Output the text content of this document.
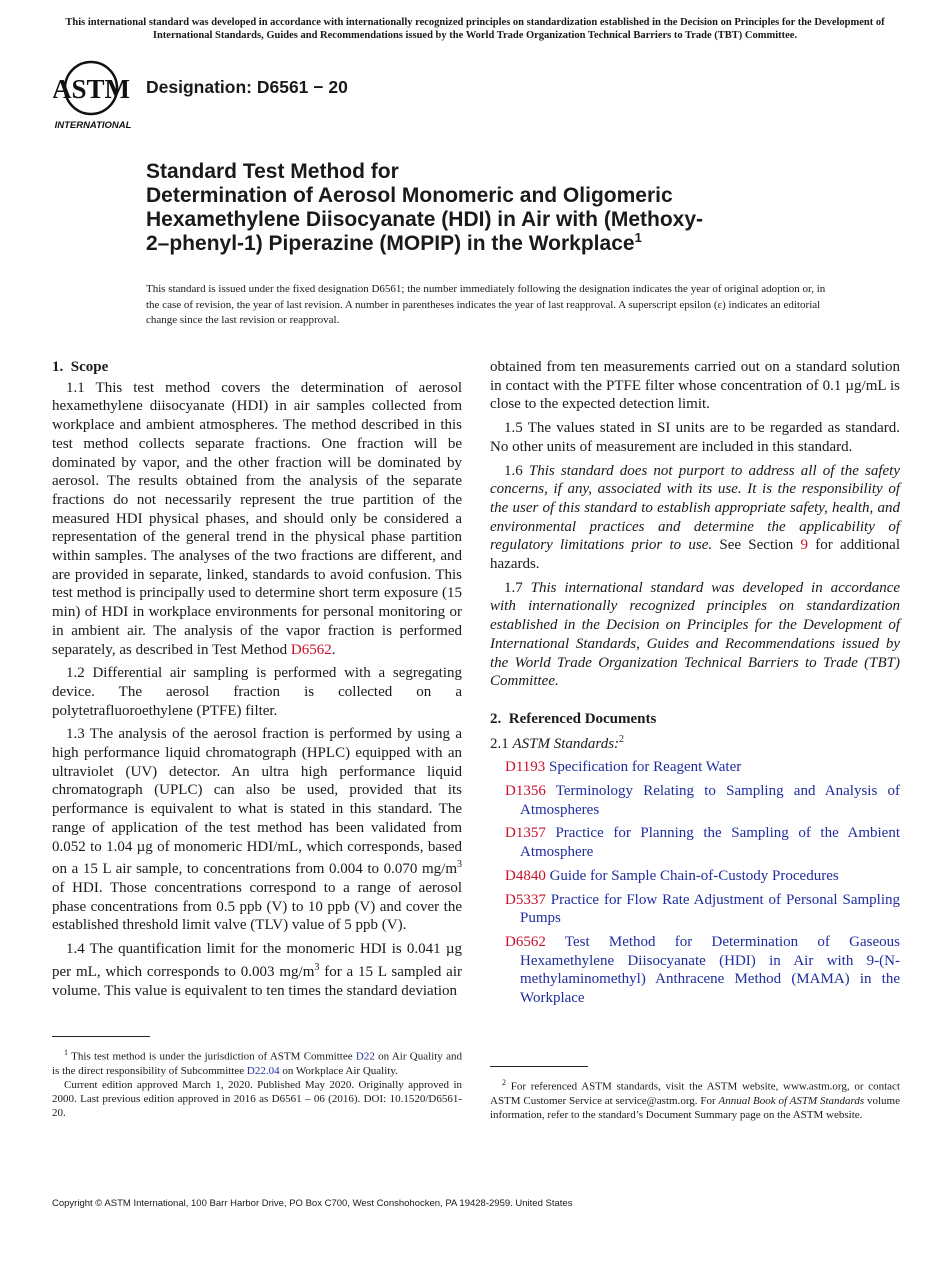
This international standard was developed in accordance with internationally recognized principles on standardization established in the Decision on Principles for the Development of International Standards, Guides and Recommendations issued by the World Trade Organization Technical Barriers to Trade (TBT) Committee.
ASTM
INTERNATIONAL
Designation: D6561 − 20
Standard Test Method for
Determination of Aerosol Monomeric and Oligomeric
Hexamethylene Diisocyanate (HDI) in Air with (Methoxy-
2–phenyl-1) Piperazine (MOPIP) in the Workplace$^1$

This standard is issued under the fixed designation D6561; the number immediately following the designation indicates the year of original adoption or, in the case of revision, the year of last revision. A number in parentheses indicates the year of last reapproval. A superscript epsilon (ε) indicates an editorial change since the last revision or reapproval.

1. Scope

1.1 This test method covers the determination of aerosol hexamethylene diisocyanate (HDI) in air samples collected from workplace and ambient atmospheres. The method described in this test method collects separate fractions. One fraction will be dominated by vapor, and the other fraction will be dominated by aerosol. The results obtained from the analysis of the separate fractions do not necessarily represent the true partition of the measured HDI physical phases, and should only be considered a representation of the general trend in the physical phase partition within samples. The analyses of the two fractions are different, and are provided in separate, linked, standards to avoid confusion. This test method is principally used to determine short term exposure (15 min) of HDI in workplace environments for personal monitoring or in ambient air. The analysis of the vapor fraction is performed separately, as described in Test Method D6562.

1.2 Differential air sampling is performed with a segregating device. The aerosol fraction is collected on a polytetrafluoroethylene (PTFE) filter.

1.3 The analysis of the aerosol fraction is performed by using a high performance liquid chromatograph (HPLC) equipped with an ultraviolet (UV) detector. An ultra high performance liquid chromatograph (UPLC) can also be used, provided that its performance is equivalent to what is stated in this standard. The range of application of the test method has been validated from 0.052 to 1.04 µg of monomeric HDI/mL, which corresponds, based on a 15 L air sample, to concentrations from 0.004 to 0.070 $mg/m^3$ of HDI. Those concentrations correspond to a range of aerosol phase concentrations from 0.5 ppb (V) to 10 ppb (V) and cover the established threshold limit valve (TLV) value of 5 ppb (V).

1.4 The quantification limit for the monomeric HDI is 0.041 µg per mL, which corresponds to 0.003 $mg/m^3$ for a 15 L sampled air volume. This value is equivalent to ten times the standard deviation

$^1$ This test method is under the jurisdiction of ASTM Committee D22 on Air Quality and is the direct responsibility of Subcommittee D22.04 on Workplace Air Quality.

Current edition approved March 1, 2020. Published May 2020. Originally approved in 2000. Last previous edition approved in 2016 as D6561 – 06 (2016). DOI: 10.1520/D6561-20.

obtained from ten measurements carried out on a standard solution in contact with the PTFE filter whose concentration of 0.1 µg/mL is close to the expected detection limit.

1.5 The values stated in SI units are to be regarded as standard. No other units of measurement are included in this standard.

1.6 This standard does not purport to address all of the safety concerns, if any, associated with its use. It is the responsibility of the user of this standard to establish appropriate safety, health, and environmental practices and determine the applicability of regulatory limitations prior to use. See Section 9 for additional hazards.

1.7 This international standard was developed in accordance with internationally recognized principles on standardization established in the Decision on Principles for the Development of International Standards, Guides and Recommendations issued by the World Trade Organization Technical Barriers to Trade (TBT) Committee.

2. Referenced Documents

2.1 ASTM Standards:$^2$

D1193 Specification for Reagent Water

D1356 Terminology Relating to Sampling and Analysis of Atmospheres

D1357 Practice for Planning the Sampling of the Ambient Atmosphere

D4840 Guide for Sample Chain-of-Custody Procedures

D5337 Practice for Flow Rate Adjustment of Personal Sampling Pumps

D6562 Test Method for Determination of Gaseous Hexamethylene Diisocyanate (HDI) in Air with 9-(N-methylaminomethyl) Anthracene Method (MAMA) in the Workplace

$^2$ For referenced ASTM standards, visit the ASTM website, www.astm.org, or contact ASTM Customer Service at service@astm.org. For Annual Book of ASTM Standards volume information, refer to the standard’s Document Summary page on the ASTM website.

Copyright © ASTM International, 100 Barr Harbor Drive, PO Box C700, West Conshohocken, PA 19428-2959. United States
